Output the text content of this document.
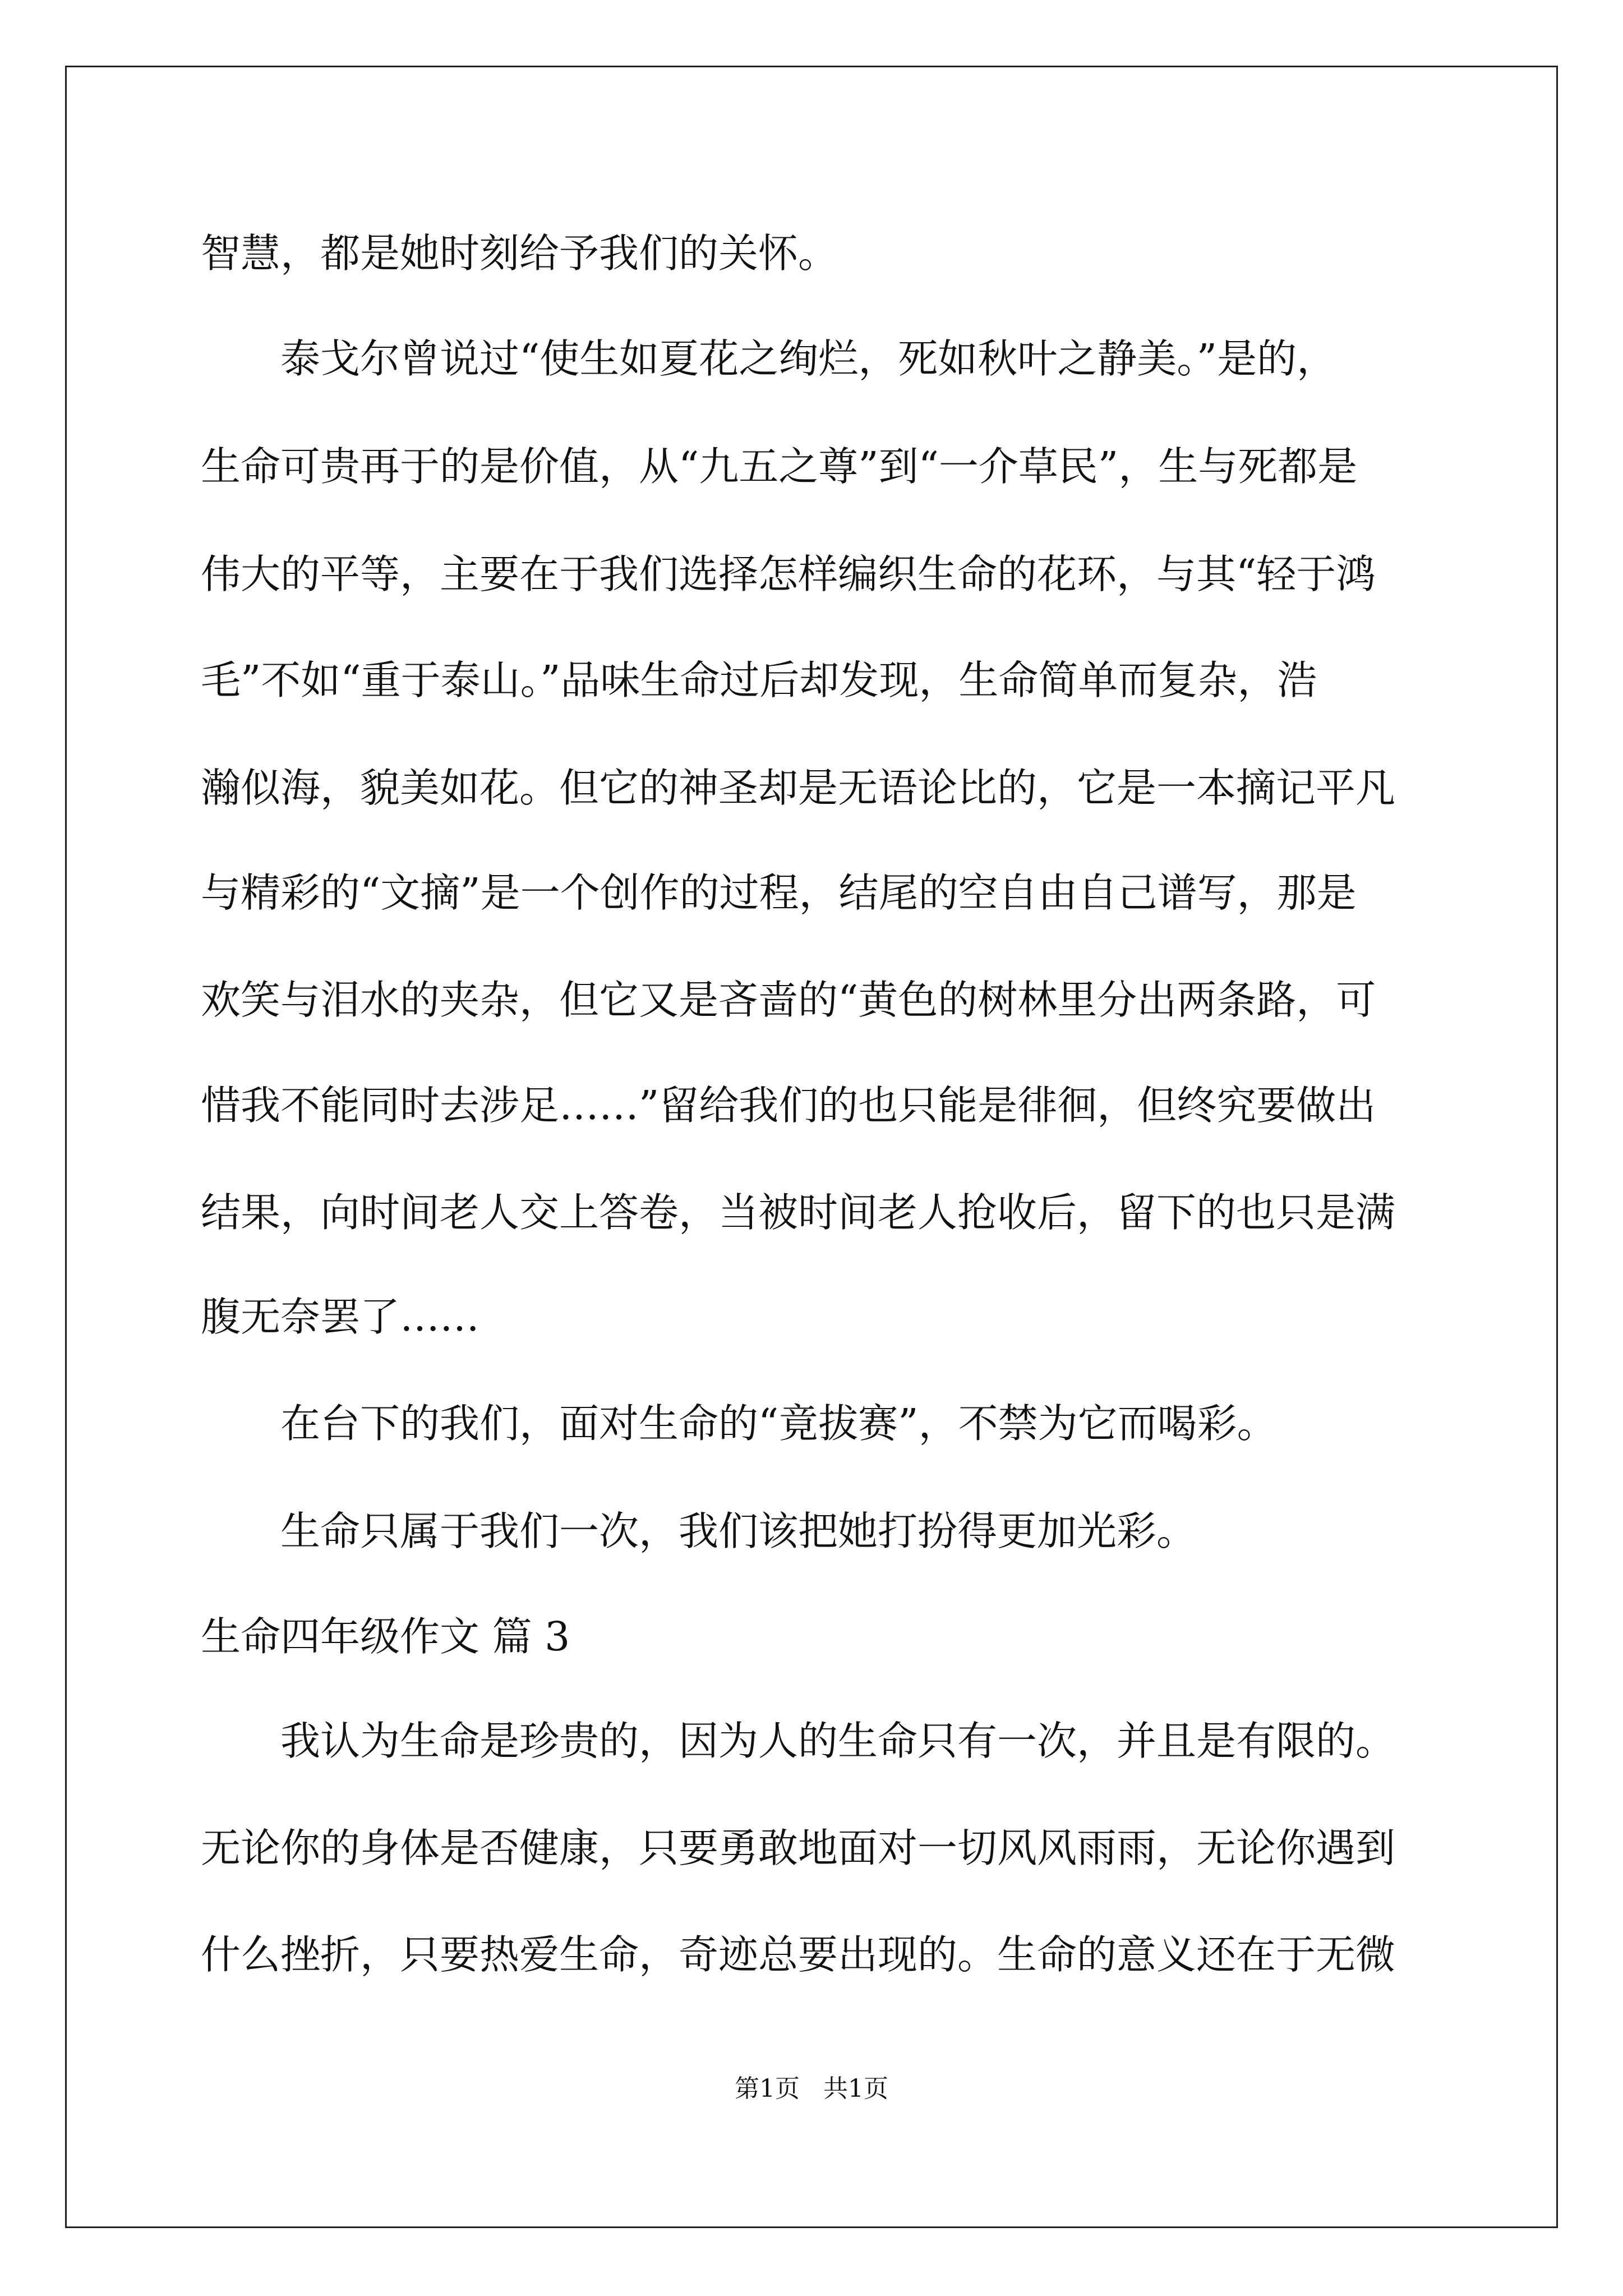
智慧，都是她时刻给予我们的关怀。
泰戈尔曾说过“使生如夏花之绚烂，死如秋叶之静美。”是的，
生命可贵再于的是价值，从“九五之尊”到“一介草民”，生与死都是
伟大的平等，主要在于我们选择怎样编织生命的花环，与其“轻于鸿
毛”不如“重于泰山。”品味生命过后却发现，生命简单而复杂，浩
瀚似海，貌美如花。但它的神圣却是无语论比的，它是一本摘记平凡
与精彩的“文摘”是一个创作的过程，结尾的空自由自己谱写，那是
欢笑与泪水的夹杂，但它又是吝啬的“黄色的树林里分出两条路，可
惜我不能同时去涉足……”留给我们的也只能是徘徊，但终究要做出
结果，向时间老人交上答卷，当被时间老人抢收后，留下的也只是满
腹无奈罢了……
在台下的我们，面对生命的“竟拔赛”，不禁为它而喝彩。
生命只属于我们一次，我们该把她打扮得更加光彩。
生命四年级作文 篇 3
我认为生命是珍贵的，因为人的生命只有一次，并且是有限的。
无论你的身体是否健康，只要勇敢地面对一切风风雨雨，无论你遇到
什么挫折，只要热爱生命，奇迹总要出现的。生命的意义还在于无微
第1页   共1页
